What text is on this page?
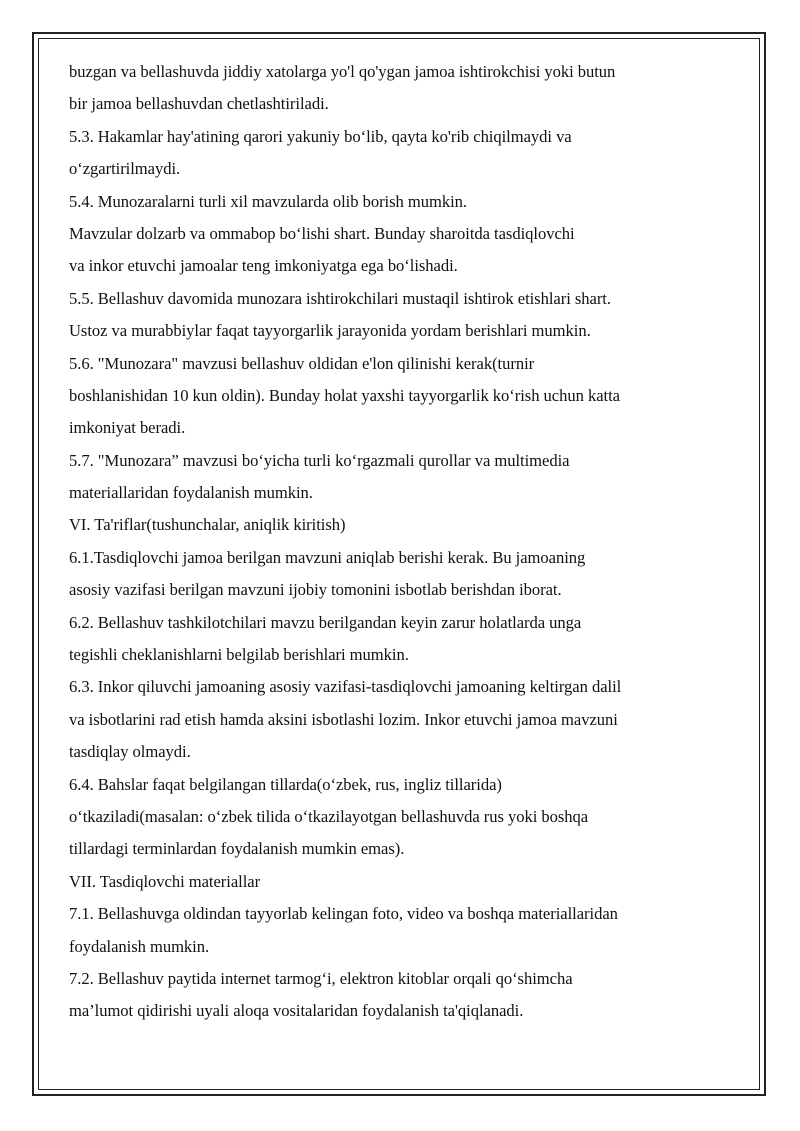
buzgan va bellashuvda jiddiy xatolarga yo'l qo'ygan jamoa ishtirokchisi yoki butun
bir jamoa bellashuvdan chetlashtiriladi.
5.3. Hakamlar hay'atining qarori yakuniy bo‘lib, qayta ko'rib chiqilmaydi va
o‘zgartirilmaydi.
5.4. Munozaralarni turli xil mavzularda olib borish mumkin.
Mavzular dolzarb va ommabop bo‘lishi shart. Bunday sharoitda tasdiqlovchi
va inkor etuvchi jamoalar teng imkoniyatga ega bo‘lishadi.
5.5. Bellashuv davomida munozara ishtirokchilari mustaqil ishtirok etishlari shart.
Ustoz va murabbiylar faqat tayyorgarlik jarayonida yordam berishlari mumkin.
5.6. "Munozara" mavzusi bellashuv oldidan e'lon qilinishi kerak(turnir
boshlanishidan 10 kun oldin). Bunday holat yaxshi tayyorgarlik ko‘rish uchun katta
imkoniyat beradi.
5.7. "Munozara” mavzusi bo‘yicha turli ko‘rgazmali qurollar va multimedia
materiallaridan foydalanish mumkin.
VI. Ta'riflar(tushunchalar, aniqlik kiritish)
6.1.Tasdiqlovchi jamoa berilgan mavzuni aniqlab berishi kerak. Bu jamoaning
asosiy vazifasi berilgan mavzuni ijobiy tomonini isbotlab berishdan iborat.
6.2. Bellashuv tashkilotchilari mavzu berilgandan keyin zarur holatlarda unga
tegishli cheklanishlarni belgilab berishlari mumkin.
6.3. Inkor qiluvchi jamoaning asosiy vazifasi-tasdiqlovchi jamoaning keltirgan dalil
va isbotlarini rad etish hamda aksini isbotlashi lozim. Inkor etuvchi jamoa mavzuni
tasdiqlay olmaydi.
6.4. Bahslar faqat belgilangan tillarda(o‘zbek, rus, ingliz tillarida)
o‘tkaziladi(masalan: o‘zbek tilida o‘tkazilayotgan bellashuvda rus yoki boshqa
tillardagi terminlardan foydalanish mumkin emas).
VII. Tasdiqlovchi materiallar
7.1. Bellashuvga oldindan tayyorlab kelingan foto, video va boshqa materiallaridan
foydalanish mumkin.
7.2. Bellashuv paytida internet tarmog‘i, elektron kitoblar orqali qo‘shimcha
ma’lumot qidirishi uyali aloqa vositalaridan foydalanish ta'qiqlanadi.
